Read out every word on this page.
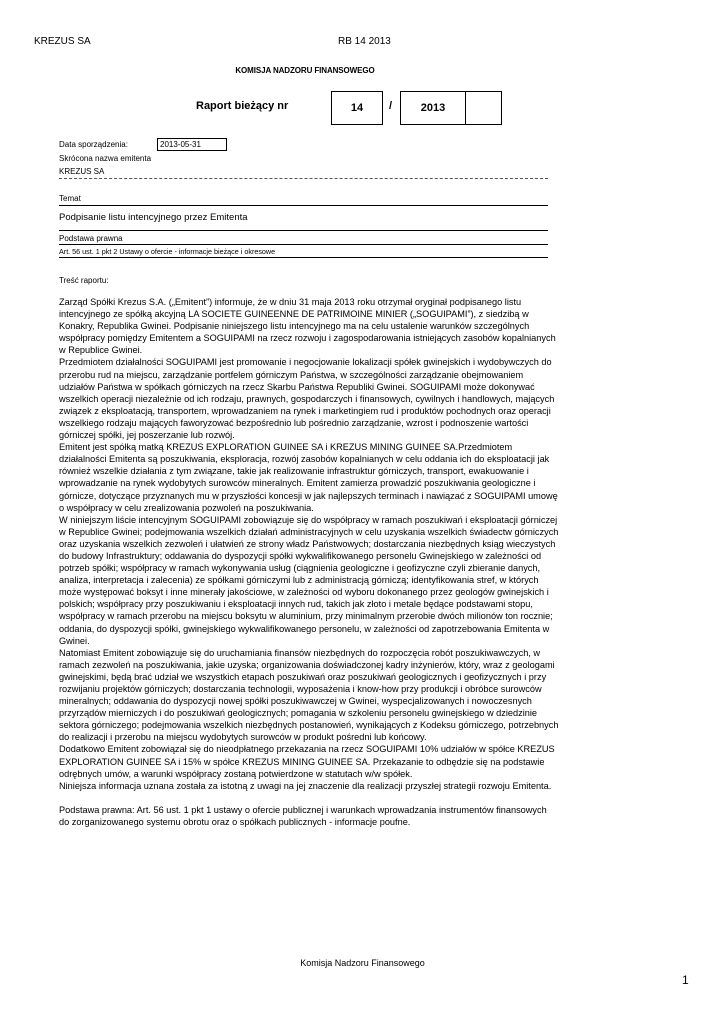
KREZUS SA	RB 14 2013
KOMISJA NADZORU FINANSOWEGO
Raport bieżący nr	14	/	2013
Data sporządzenia:	2013-05-31
Skrócona nazwa emitenta
KREZUS SA
Temat
Podpisanie listu intencyjnego przez Emitenta
Podstawa prawna
Art. 56 ust. 1 pkt 2 Ustawy o ofercie - informacje bieżące i okresowe
Treść raportu:

Zarząd Spółki Krezus S.A. („Emitent”) informuje, że w dniu 31 maja 2013 roku otrzymał oryginał podpisanego listu intencyjnego ze spółką akcyjną LA SOCIETE GUINEENNE DE PATRIMOINE MINIER („SOGUIPAMI”), z siedzibą w Konakry, Republika Gwinei. Podpisanie niniejszego listu intencyjnego ma na celu ustalenie warunków szczególnych współpracy pomiędzy Emitentem a SOGUIPAMI na rzecz rozwoju i zagospodarowania istniejących zasobów kopalnianych w Republice Gwinei.

Przedmiotem działalności SOGUIPAMI jest promowanie i negocjowanie lokalizacji spółek gwinejskich i wydobywczych do przerobu rud na miejscu, zarządzanie portfelem górniczym Państwa, w szczególności zarządzanie obejmowaniem udziałów Państwa w spółkach górniczych na rzecz Skarbu Państwa Republiki Gwinei. SOGUIPAMI może dokonywać wszelkich operacji niezależnie od ich rodzaju, prawnych, gospodarczych i finansowych, cywilnych i handlowych, mających związek z eksploatacją, transportem, wprowadzaniem na rynek i marketingiem rud i produktów pochodnych oraz operacji wszelkiego rodzaju mających faworyzować bezpośrednio lub pośrednio zarządzanie, wzrost i podnoszenie wartości górniczej spółki, jej poszerzanie lub rozwój.

Emitent jest spółką matką KREZUS EXPLORATION GUINEE SA i KREZUS MINING GUINEE SA.Przedmiotem działalności Emitenta są poszukiwania, eksploracja, rozwój zasobów kopalnianych w celu oddania ich do eksploatacji jak również wszelkie działania z tym związane, takie jak realizowanie infrastruktur górniczych, transport, ewakuowanie i wprowadzanie na rynek wydobytych surowców mineralnych. Emitent zamierza prowadzić poszukiwania geologiczne i górnicze, dotyczące przyznanych mu w przyszłości koncesji w jak najlepszych terminach i nawiązać z SOGUIPAMI umowę o współpracy w celu zrealizowania pozwoleń na poszukiwania.

W niniejszym liście intencyjnym SOGUIPAMI zobowiązuje się do współpracy w ramach poszukiwań i eksploatacji górniczej w Republice Gwinei; podejmowania wszelkich działań administracyjnych w celu uzyskania wszelkich świadectw górniczych oraz uzyskania wszelkich zezwoleń i ułatwień ze strony władz Państwowych; dostarczania niezbędnych ksiąg wieczystych do budowy Infrastruktury; oddawania do dyspozycji spółki wykwalifikowanego personelu Gwinejskiego w zależności od potrzeb spółki; współpracy w ramach wykonywania usług (ciągnienia geologiczne i geofizyczne czyli zbieranie danych, analiza, interpretacja i zalecenia) ze spółkami górniczymi lub z administracją górniczą; identyfikowania stref, w których może występować boksyt i inne minerały jakościowe, w zależności od wyboru dokonanego przez geologów gwinejskich i polskich; współpracy przy poszukiwaniu i eksploatacji innych rud, takich jak złoto i metale będące podstawami stopu, współpracy w ramach przerobu na miejscu boksytu w aluminium, przy minimalnym przerobie dwóch milionów ton rocznie; oddania, do dyspozycji spółki, gwinejskiego wykwalifikowanego personelu, w zależności od zapotrzebowania Emitenta w Gwinei.

Natomiast Emitent zobowiązuje się do uruchamiania finansów niezbędnych do rozpoczęcia robót poszukiwawczych, w ramach zezwoleń na poszukiwania, jakie uzyska; organizowania doświadczonej kadry inżynierów, który, wraz z geologami gwinejskimi, będą brać udział we wszystkich etapach poszukiwań oraz poszukiwań geologicznych i geofizycznych i przy rozwijaniu projektów górniczych; dostarczania technologii, wyposażenia i know-how przy produkcji i obróbce surowców mineralnych; oddawania do dyspozycji nowej spółki poszukiwawczej w Gwinei, wyspecjalizowanych i nowoczesnych przyrządów mierniczych i do poszukiwań geologicznych; pomagania w szkoleniu personelu gwinejskiego w dziedzinie sektora górniczego; podejmowania wszelkich niezbędnych postanowień, wynikających z Kodeksu górniczego, potrzebnych do realizacji i przerobu na miejscu wydobytych surowców w produkt pośredni lub końcowy.

Dodatkowo Emitent zobowiązał się do nieodpłatnego przekazania na rzecz SOGUIPAMI 10% udziałów w spółce KREZUS EXPLORATION GUINEE SA i 15% w spółce KREZUS MINING GUINEE SA. Przekazanie to odbędzie się na podstawie odrębnych umów, a warunki współpracy zostaną potwierdzone w statutach w/w spółek.

Niniejsza informacja uznana została za istotną z uwagi na jej znaczenie dla realizacji przyszłej strategii rozwoju Emitenta.

Podstawa prawna: Art. 56 ust. 1 pkt 1 ustawy o ofercie publicznej i warunkach wprowadzania instrumentów finansowych do zorganizowanego systemu obrotu oraz o spółkach publicznych - informacje poufne.

Komisja Nadzoru Finansowego
1
